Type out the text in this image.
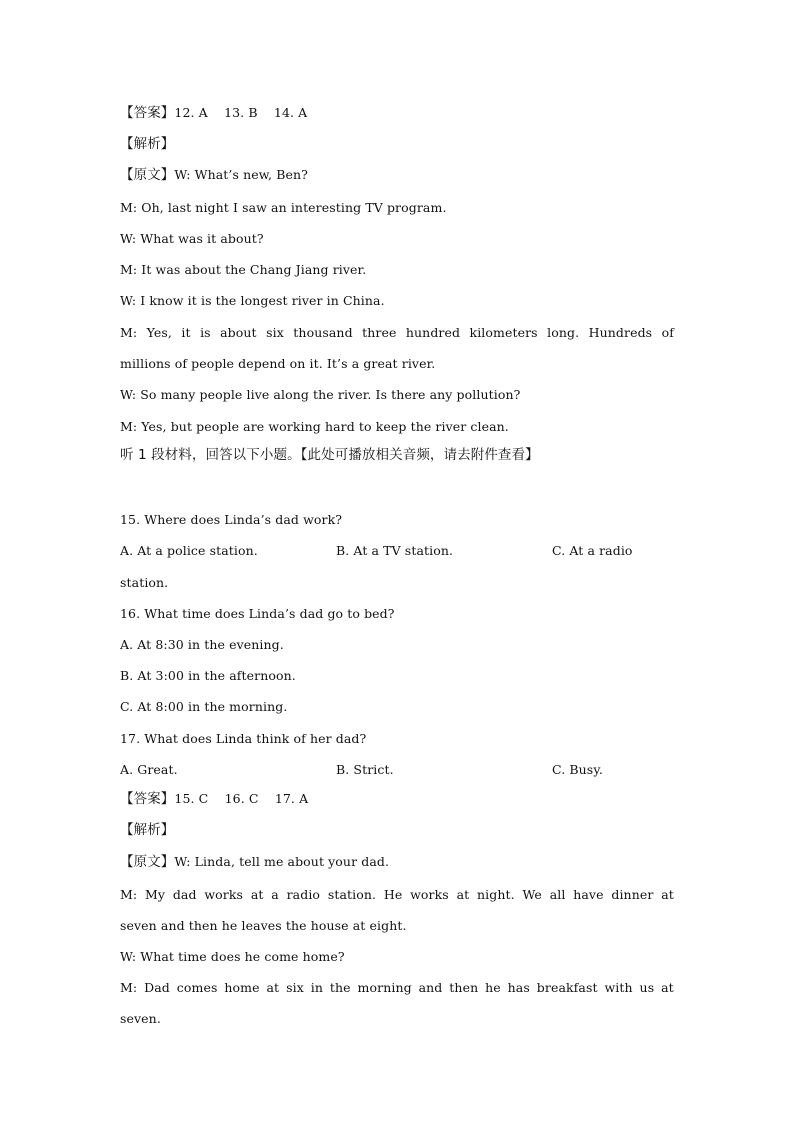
【答案】12. A    13. B    14. A
【解析】
【原文】W: What’s new, Ben?
M: Oh, last night I saw an interesting TV program.
W: What was it about?
M: It was about the Chang Jiang river.
W: I know it is the longest river in China.
M: Yes, it is about six thousand three hundred kilometers long. Hundreds of
millions of people depend on it. It’s a great river.
W: So many people live along the river. Is there any pollution?
M: Yes, but people are working hard to keep the river clean.
听 1 段材料，回答以下小题。【此处可播放相关音频，请去附件查看】
15. Where does Linda’s dad work?
A. At a police station.	B. At a TV station.	C. At a radio
station.
16. What time does Linda’s dad go to bed?
A. At 8:30 in the evening.
B. At 3:00 in the afternoon.
C. At 8:00 in the morning.
17. What does Linda think of her dad?
A. Great.	B. Strict.	C. Busy.
【答案】15. C    16. C    17. A
【解析】
【原文】W: Linda, tell me about your dad.
M: My dad works at a radio station. He works at night. We all have dinner at
seven and then he leaves the house at eight.
W: What time does he come home?
M: Dad comes home at six in the morning and then he has breakfast with us at
seven.
